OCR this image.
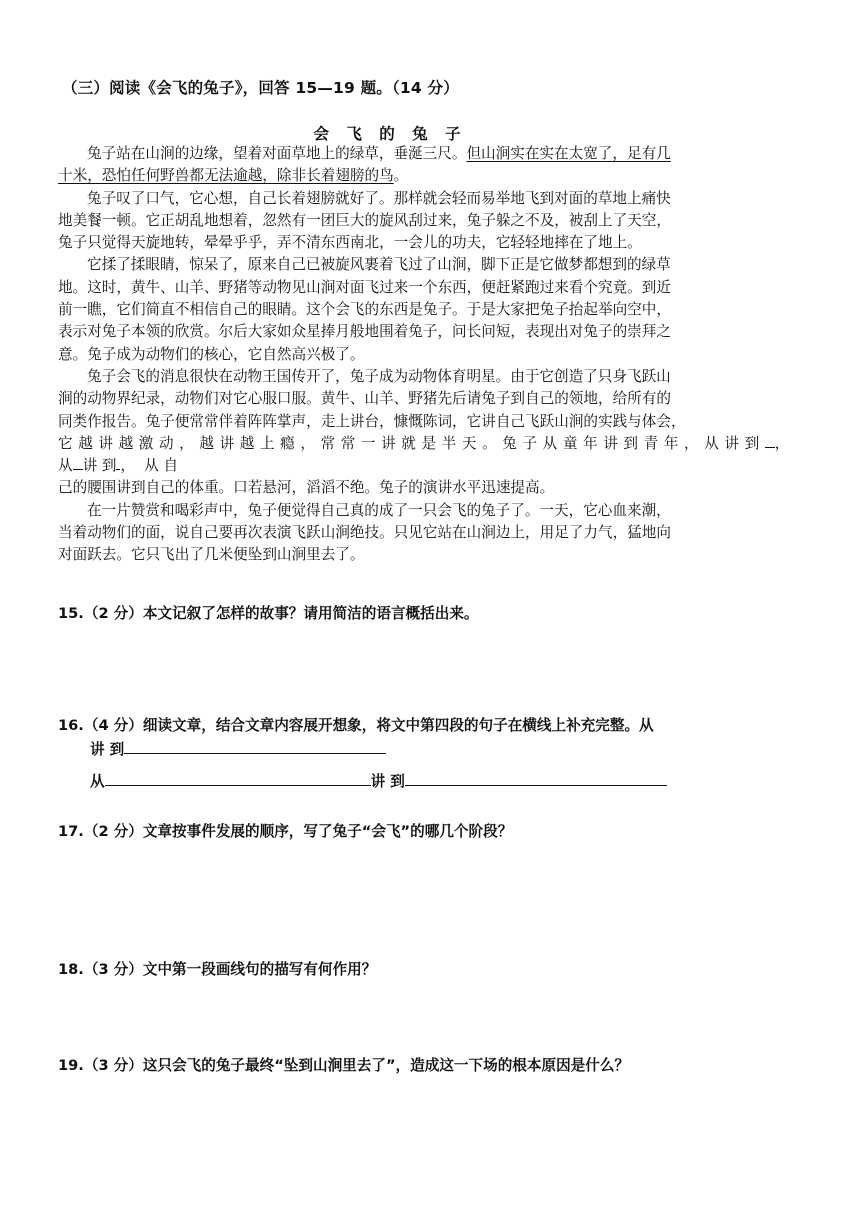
（三）阅读《会飞的兔子》，回答 15—19 题。（14 分）
会 飞 的 兔 子
兔子站在山涧的边缘，望着对面草地上的绿草，垂涎三尺。但山涧实在实在太宽了，足有几
十米，恐怕任何野兽都无法逾越，除非长着翅膀的鸟。
兔子叹了口气，它心想，自己长着翅膀就好了。那样就会轻而易举地飞到对面的草地上痛快
地美餐一顿。它正胡乱地想着，忽然有一团巨大的旋风刮过来，兔子躲之不及，被刮上了天空，
兔子只觉得天旋地转，晕晕乎乎，弄不清东西南北，一会儿的功夫，它轻轻地摔在了地上。
它揉了揉眼睛，惊呆了，原来自己已被旋风裹着飞过了山涧，脚下正是它做梦都想到的绿草
地。这时，黄牛、山羊、野猪等动物见山涧对面飞过来一个东西，便赶紧跑过来看个究竟。到近
前一瞧，它们简直不相信自己的眼睛。这个会飞的东西是兔子。于是大家把兔子抬起举向空中，
表示对兔子本领的欣赏。尔后大家如众星捧月般地围着兔子，问长问短，表现出对兔子的崇拜之
意。兔子成为动物们的核心，它自然高兴极了。
兔子会飞的消息很快在动物王国传开了，兔子成为动物体育明星。由于它创造了只身飞跃山
涧的动物界纪录，动物们对它心服口服。黄牛、山羊、野猪先后请兔子到自己的领地，给所有的
同类作报告。兔子便常常伴着阵阵掌声，走上讲台，慷慨陈词，它讲自己飞跃山涧的实践与体会，
它越讲越激动，越讲越上瘾，常常一讲就是半天。兔子从童年讲到青年，从讲到 ，
从 讲 到 ，  从 自
己的腰围讲到自己的体重。口若悬河，滔滔不绝。兔子的演讲水平迅速提高。
在一片赞赏和喝彩声中，兔子便觉得自己真的成了一只会飞的兔子了。一天，它心血来潮，
当着动物们的面，说自己要再次表演飞跃山涧绝技。只见它站在山涧边上，用足了力气，猛地向
对面跃去。它只飞出了几米便坠到山涧里去了。
15.（2 分）本文记叙了怎样的故事？请用简洁的语言概括出来。
16.（4 分）细读文章，结合文章内容展开想象，将文中第四段的句子在横线上补充完整。从
讲 到
从	讲 到
17.（2 分）文章按事件发展的顺序，写了兔子“会飞”的哪几个阶段？
18.（3 分）文中第一段画线句的描写有何作用？
19.（3 分）这只会飞的兔子最终“坠到山涧里去了”，造成这一下场的根本原因是什么？
